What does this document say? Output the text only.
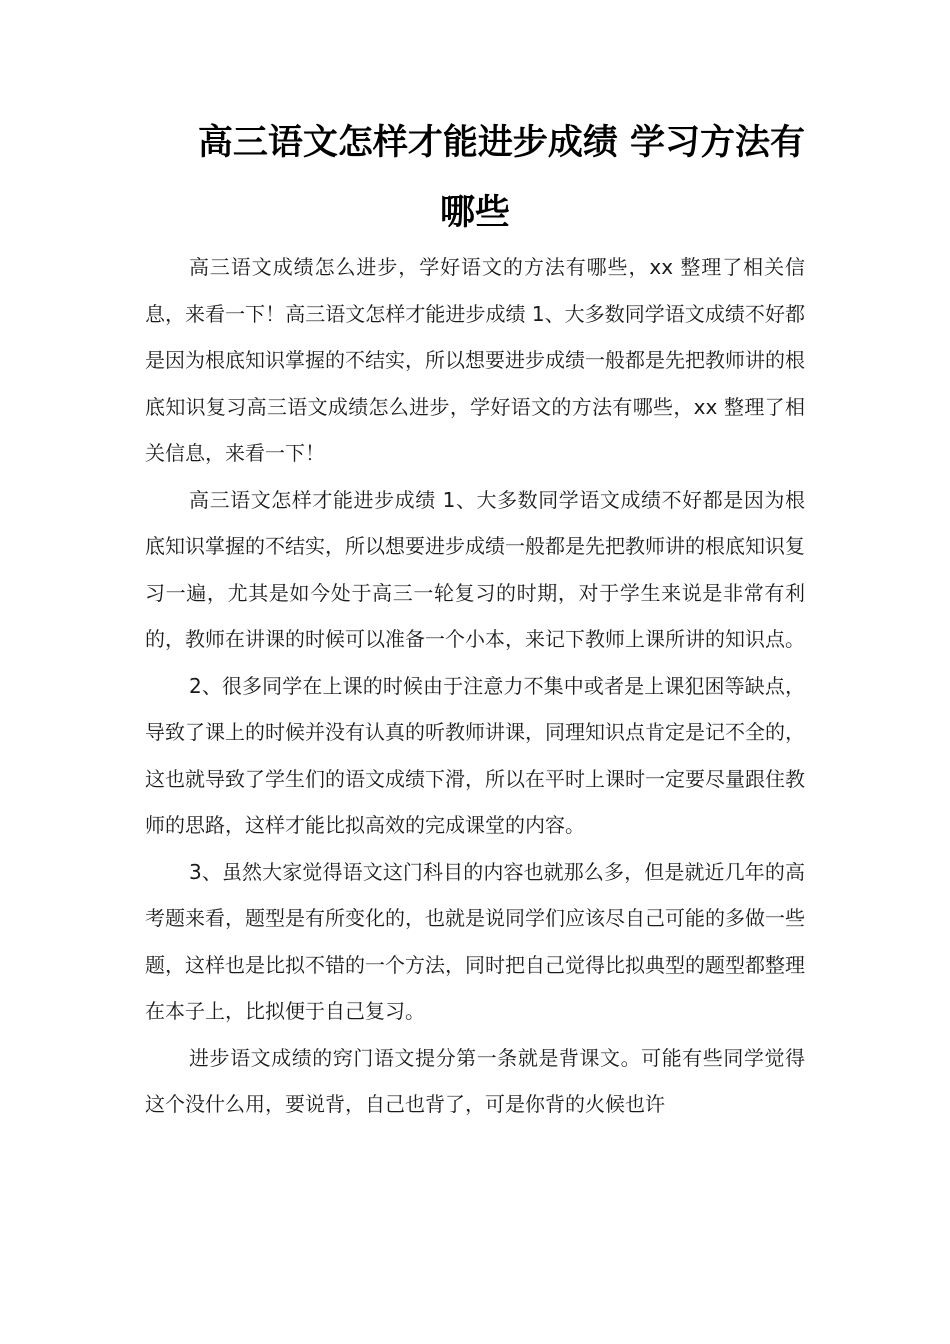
高三语文怎样才能进步成绩 学习方法有
哪些

高三语文成绩怎么进步，学好语文的方法有哪些，xx 整理了相关信息，来看一下！高三语文怎样才能进步成绩 1、大多数同学语文成绩不好都是因为根底知识掌握的不结实，所以想要进步成绩一般都是先把教师讲的根底知识复习高三语文成绩怎么进步，学好语文的方法有哪些，xx 整理了相关信息，来看一下！

高三语文怎样才能进步成绩 1、大多数同学语文成绩不好都是因为根底知识掌握的不结实，所以想要进步成绩一般都是先把教师讲的根底知识复习一遍，尤其是如今处于高三一轮复习的时期，对于学生来说是非常有利的，教师在讲课的时候可以准备一个小本，来记下教师上课所讲的知识点。

2、很多同学在上课的时候由于注意力不集中或者是上课犯困等缺点，导致了课上的时候并没有认真的听教师讲课，同理知识点肯定是记不全的，这也就导致了学生们的语文成绩下滑，所以在平时上课时一定要尽量跟住教师的思路，这样才能比拟高效的完成课堂的内容。

3、虽然大家觉得语文这门科目的内容也就那么多，但是就近几年的高考题来看，题型是有所变化的，也就是说同学们应该尽自己可能的多做一些题，这样也是比拟不错的一个方法，同时把自己觉得比拟典型的题型都整理在本子上，比拟便于自己复习。

进步语文成绩的窍门语文提分第一条就是背课文。可能有些同学觉得这个没什么用，要说背，自己也背了，可是你背的火候也许
